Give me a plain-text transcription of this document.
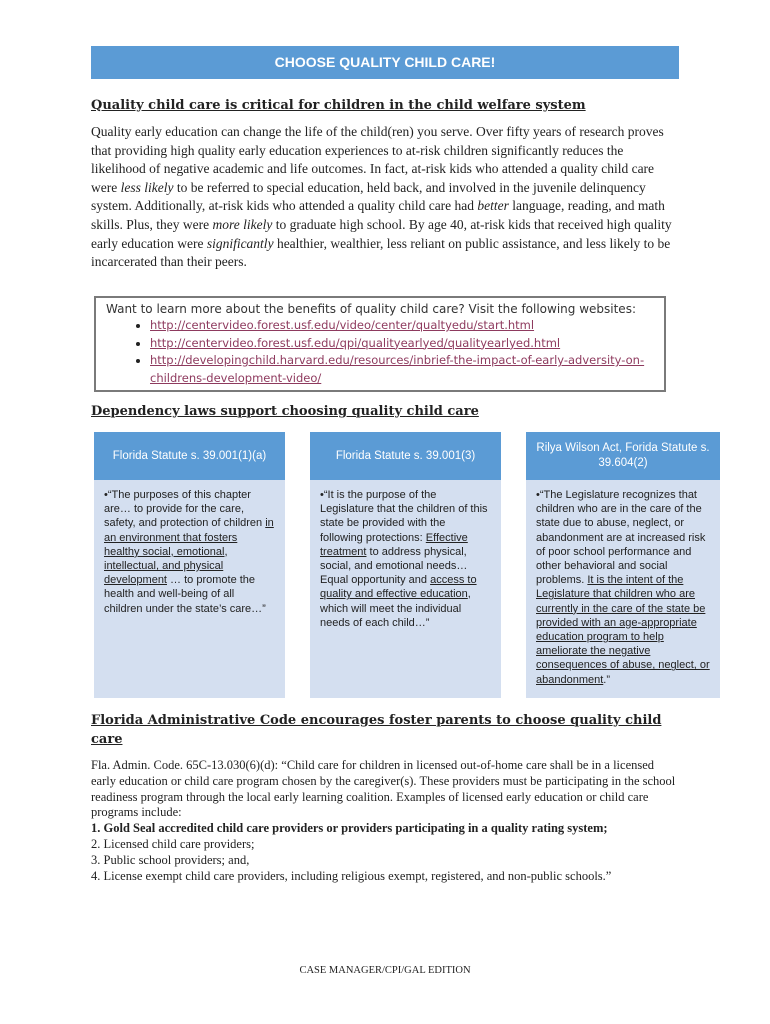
CHOOSE QUALITY CHILD CARE!
Quality child care is critical for children in the child welfare system

Quality early education can change the life of the child(ren) you serve. Over fifty years of research proves that providing high quality early education experiences to at-risk children significantly reduces the likelihood of negative academic and life outcomes. In fact, at-risk kids who attended a quality child care were less likely to be referred to special education, held back, and involved in the juvenile delinquency system. Additionally, at-risk kids who attended a quality child care had better language, reading, and math skills. Plus, they were more likely to graduate high school. By age 40, at-risk kids that received high quality early education were significantly healthier, wealthier, less reliant on public assistance, and less likely to be incarcerated than their peers.

Want to learn more about the benefits of quality child care? Visit the following websites:
• http://centervideo.forest.usf.edu/video/center/qualtyedu/start.html
• http://centervideo.forest.usf.edu/qpi/qualityearlyed/qualityearlyed.html
• http://developingchild.harvard.edu/resources/inbrief-the-impact-of-early-adversity-on-childrens-development-video/
Dependency laws support choosing quality child care
Florida Statute s. 39.001(1)(a)
•“The purposes of this chapter are… to provide for the care, safety, and protection of children in an environment that fosters healthy social, emotional, intellectual, and physical development … to promote the health and well-being of all children under the state’s care…”
Florida Statute s. 39.001(3)
•“It is the purpose of the Legislature that the children of this state be provided with the following protections: Effective treatment to address physical, social, and emotional needs… Equal opportunity and access to quality and effective education, which will meet the individual needs of each child…”
Rilya Wilson Act, Forida Statute s. 39.604(2)
•“The Legislature recognizes that children who are in the care of the state due to abuse, neglect, or abandonment are at increased risk of poor school performance and other behavioral and social problems. It is the intent of the Legislature that children who are currently in the care of the state be provided with an age-appropriate education program to help ameliorate the negative consequences of abuse, neglect, or abandonment.”
Florida Administrative Code encourages foster parents to choose quality child care

Fla. Admin. Code. 65C-13.030(6)(d): “Child care for children in licensed out-of-home care shall be in a licensed early education or child care program chosen by the caregiver(s). These providers must be participating in the school readiness program through the local early learning coalition. Examples of licensed early education or child care programs include:

1. Gold Seal accredited child care providers or providers participating in a quality rating system;

2. Licensed child care providers;

3. Public school providers; and,

4. License exempt child care providers, including religious exempt, registered, and non-public schools.”

CASE MANAGER/CPI/GAL EDITION
